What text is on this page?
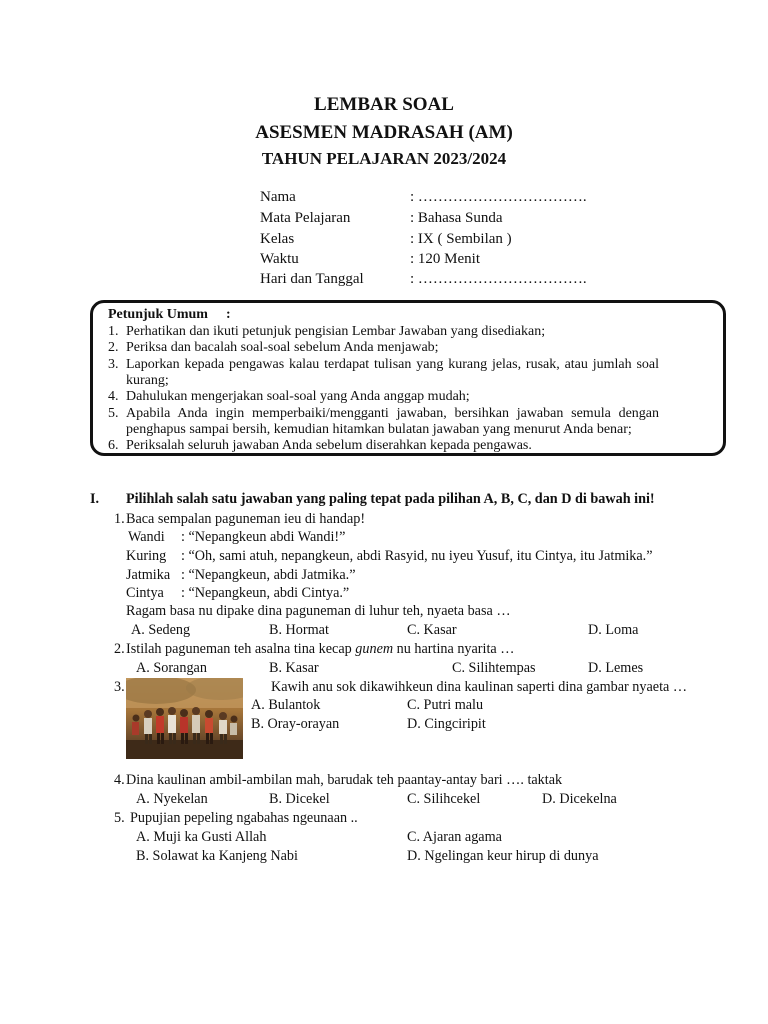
LEMBAR SOAL
ASESMEN MADRASAH (AM)
TAHUN PELAJARAN 2023/2024
Nama	: …………………………….
Mata Pelajaran	: Bahasa Sunda
Kelas	: IX ( Sembilan )
Waktu	: 120 Menit
Hari dan Tanggal	: …………………………….
Petunjuk Umum :
1. Perhatikan dan ikuti petunjuk pengisian Lembar Jawaban yang disediakan;
2. Periksa dan bacalah soal-soal sebelum Anda menjawab;
3. Laporkan kepada pengawas kalau terdapat tulisan yang kurang jelas, rusak, atau jumlah soal
kurang;
4. Dahulukan mengerjakan soal-soal yang Anda anggap mudah;
5. Apabila Anda ingin memperbaiki/mengganti jawaban, bersihkan jawaban semula dengan
penghapus sampai bersih, kemudian hitamkan bulatan jawaban yang menurut Anda benar;
6. Periksalah seluruh jawaban Anda sebelum diserahkan kepada pengawas.
I. Pilihlah salah satu jawaban yang paling tepat pada pilihan A, B, C, dan D di bawah ini!
1. Baca sempalan paguneman ieu di handap!
Wandi : “Nepangkeun abdi Wandi!”
Kuring : “Oh, sami atuh, nepangkeun, abdi Rasyid, nu iyeu Yusuf, itu Cintya, itu Jatmika.”
Jatmika : “Nepangkeun, abdi Jatmika.”
Cintya : “Nepangkeun, abdi Cintya.”
Ragam basa nu dipake dina paguneman di luhur teh, nyaeta basa …
A. Sedeng	B. Hormat	C. Kasar	D. Loma
2. Istilah paguneman teh asalna tina kecap gunem nu hartina nyarita …
A. Sorangan	B. Kasar	C. Silihtempas	D. Lemes
3.	Kawih anu sok dikawihkeun dina kaulinan saperti dina gambar nyaeta …
A. Bulantok	C. Putri malu
B. Oray-orayan	D. Cingciripit
4. Dina kaulinan ambil-ambilan mah, barudak teh paantay-antay bari …. taktak
A. Nyekelan	B. Dicekel	C. Silihcekel	D. Dicekelna
5. Pupujian pepeling ngabahas ngeunaan ..
A. Muji ka Gusti Allah	C. Ajaran agama
B. Solawat ka Kanjeng Nabi	D. Ngelingan keur hirup di dunya
